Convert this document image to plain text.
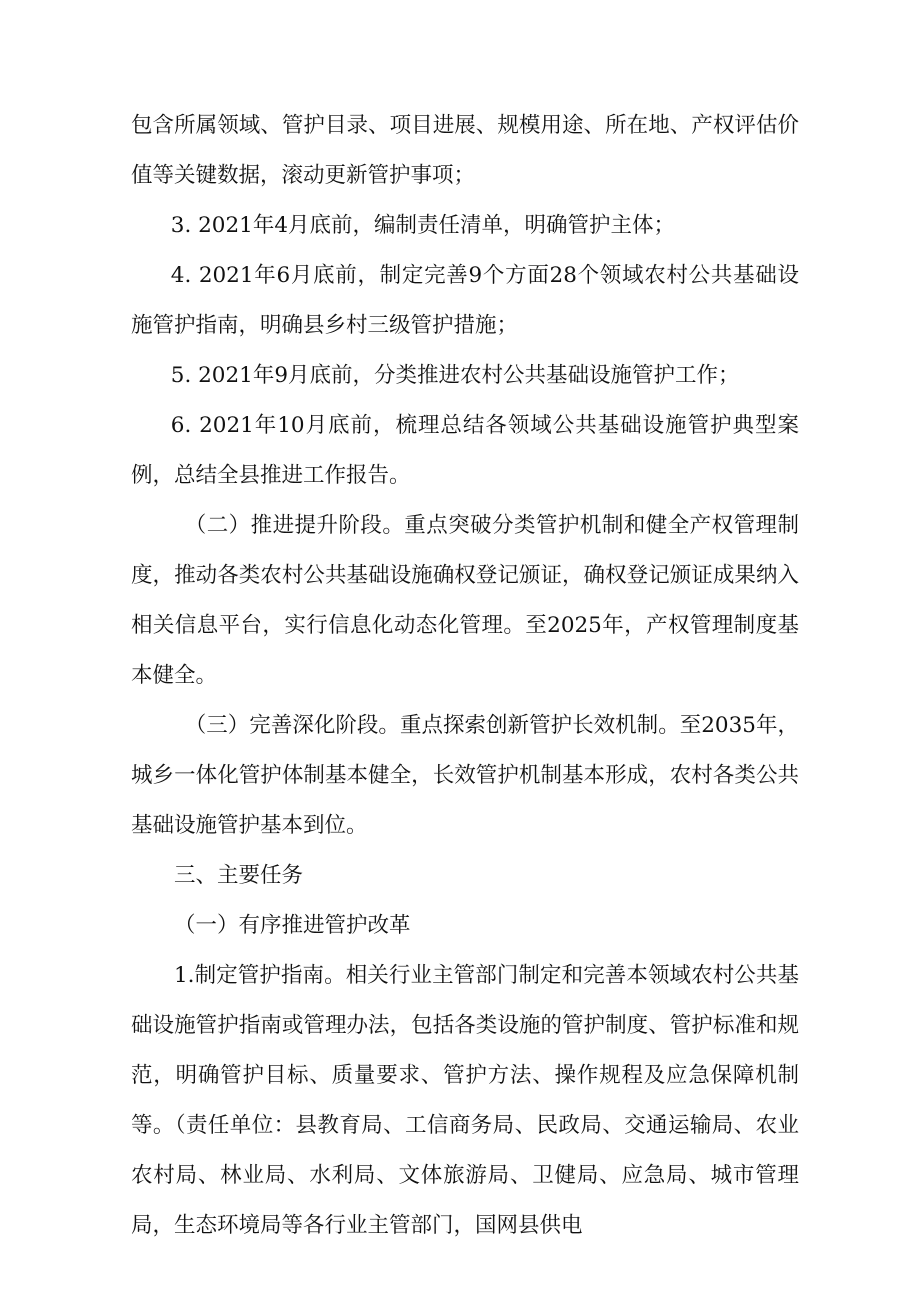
包含所属领域、管护目录、项目进展、规模用途、所在地、产权评估价值等关键数据，滚动更新管护事项；

3. 2021年4月底前，编制责任清单，明确管护主体；

4. 2021年6月底前，制定完善9个方面28个领域农村公共基础设施管护指南，明确县乡村三级管护措施；

5. 2021年9月底前，分类推进农村公共基础设施管护工作；

6. 2021年10月底前，梳理总结各领域公共基础设施管护典型案例，总结全县推进工作报告。

（二）推进提升阶段。重点突破分类管护机制和健全产权管理制度，推动各类农村公共基础设施确权登记颁证，确权登记颁证成果纳入相关信息平台，实行信息化动态化管理。至2025年，产权管理制度基本健全。

（三）完善深化阶段。重点探索创新管护长效机制。至2035年，城乡一体化管护体制基本健全，长效管护机制基本形成，农村各类公共基础设施管护基本到位。

三、主要任务

（一）有序推进管护改革

1.制定管护指南。相关行业主管部门制定和完善本领域农村公共基础设施管护指南或管理办法，包括各类设施的管护制度、管护标准和规范，明确管护目标、质量要求、管护方法、操作规程及应急保障机制等。（责任单位：县教育局、工信商务局、民政局、交通运输局、农业农村局、林业局、水利局、文体旅游局、卫健局、应急局、城市管理局，生态环境局等各行业主管部门，国网县供电
